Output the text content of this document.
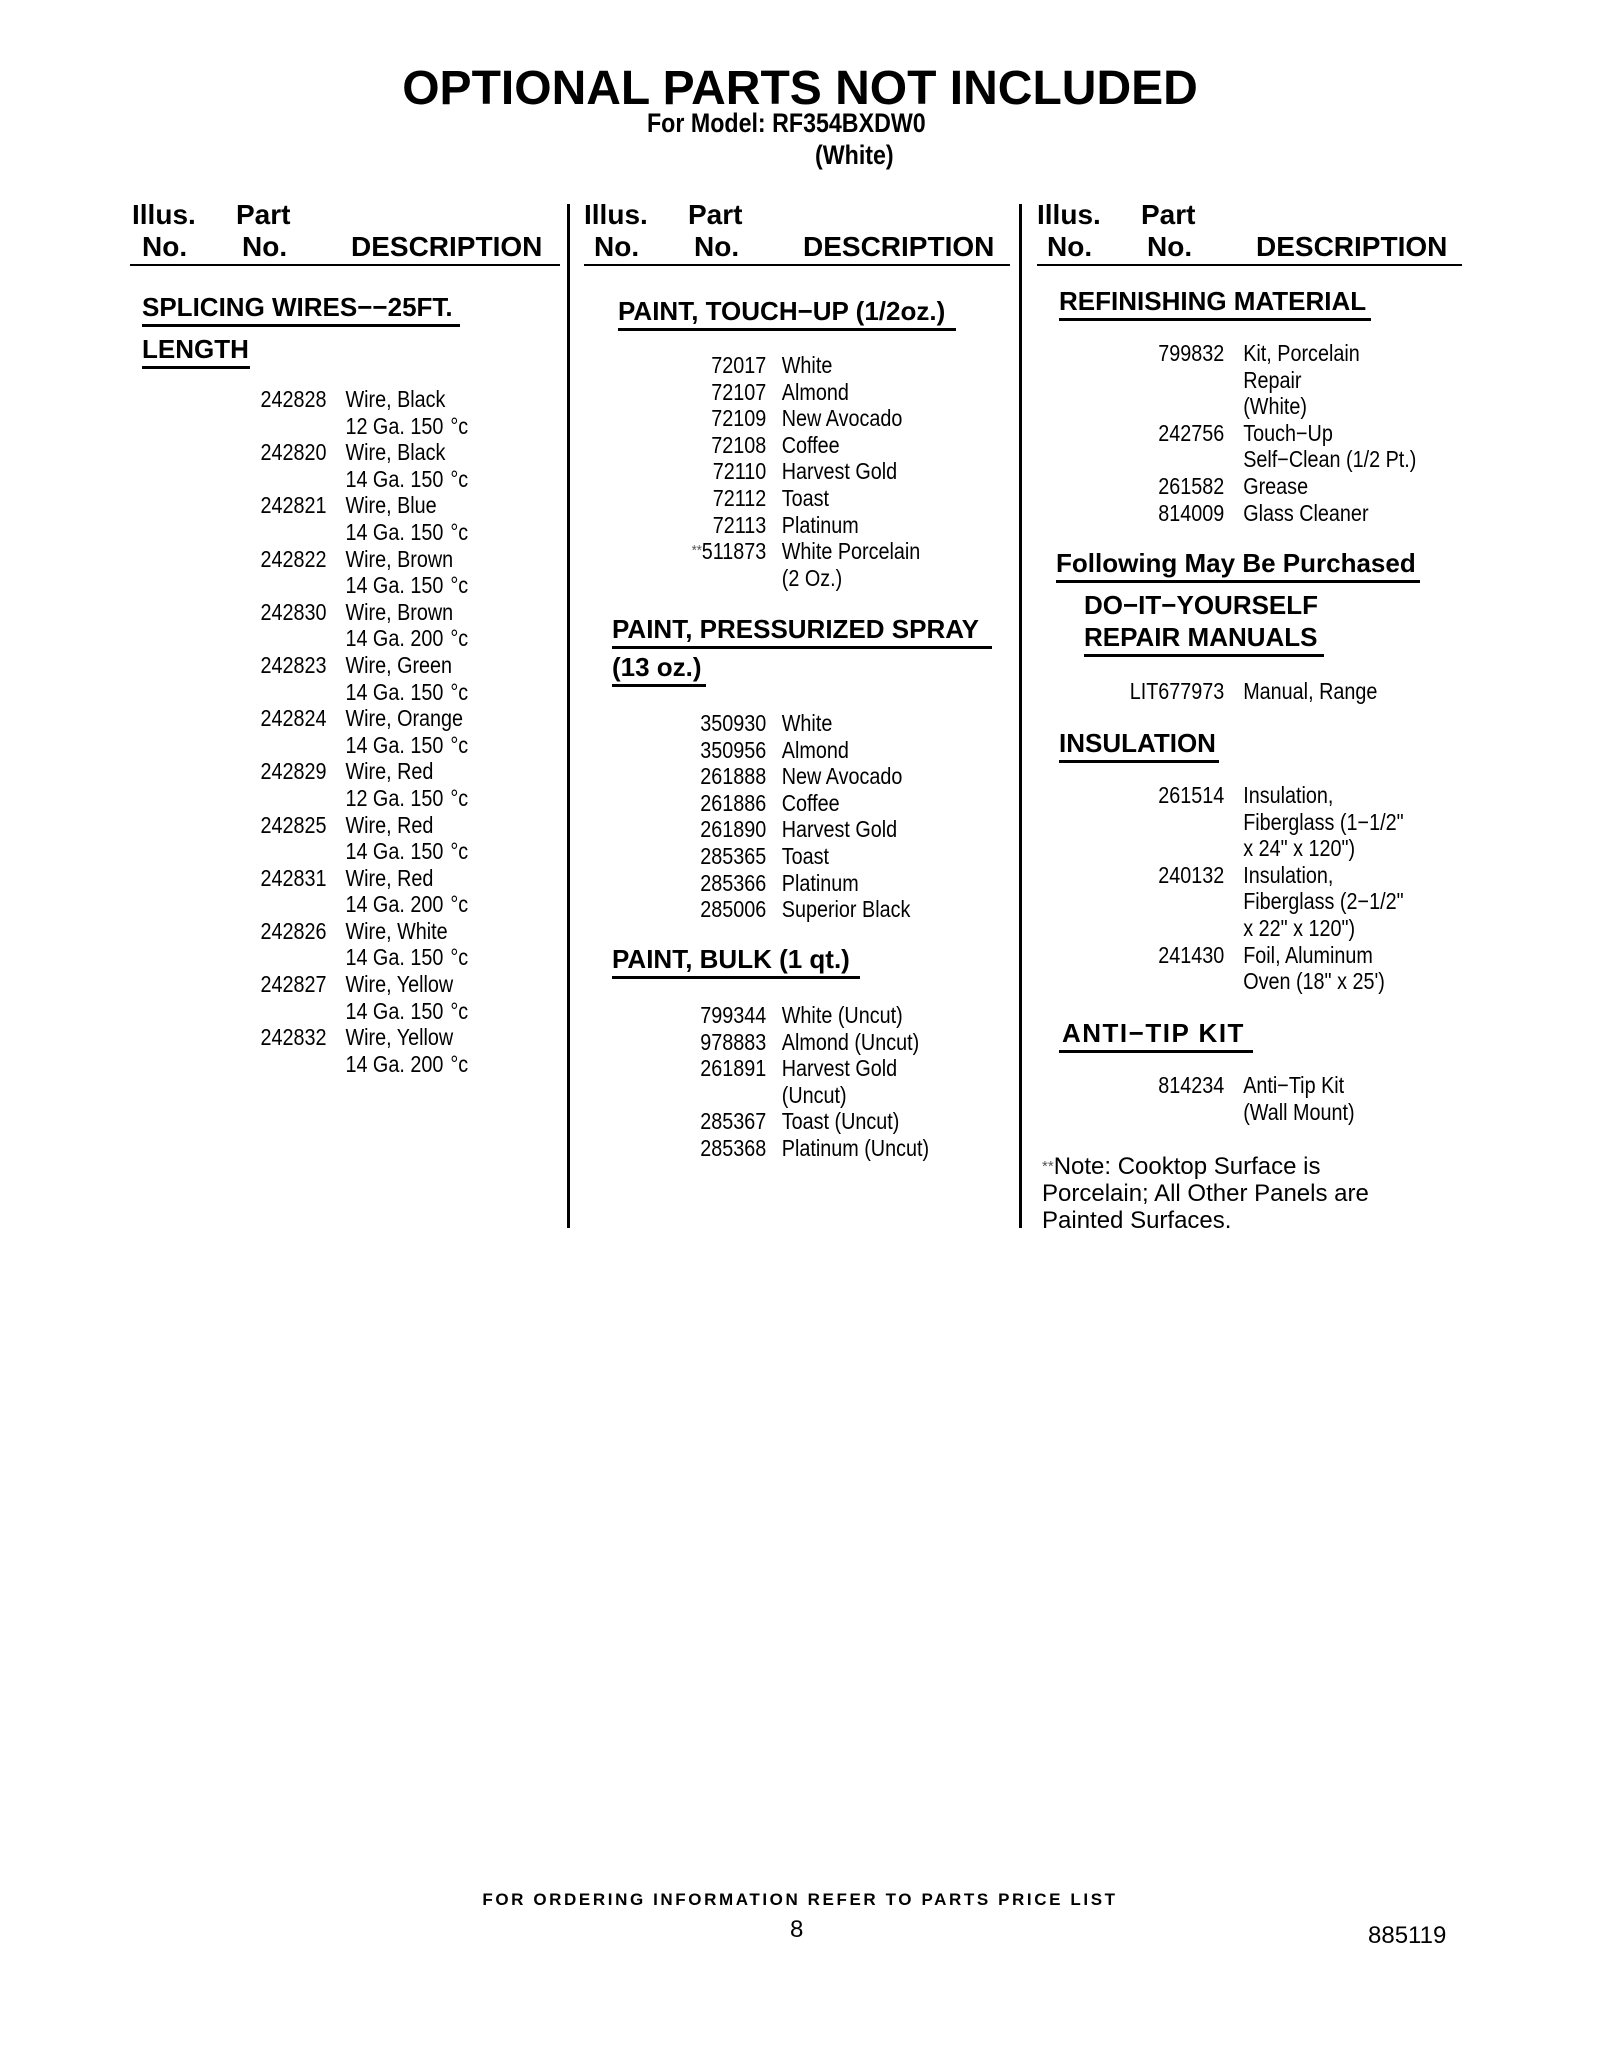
OPTIONAL PARTS NOT INCLUDED
For Model: RF354BXDW0
(White)
Illus. Part
No. No. DESCRIPTION
Illus. Part
No. No. DESCRIPTION
Illus. Part
No. No. DESCRIPTION
SPLICING WIRES−−25FT.
LENGTH
242828 Wire, Black
12 Ga. 150 °c
242820 Wire, Black
14 Ga. 150 °c
242821 Wire, Blue
14 Ga. 150 °c
242822 Wire, Brown
14 Ga. 150 °c
242830 Wire, Brown
14 Ga. 200 °c
242823 Wire, Green
14 Ga. 150 °c
242824 Wire, Orange
14 Ga. 150 °c
242829 Wire, Red
12 Ga. 150 °c
242825 Wire, Red
14 Ga. 150 °c
242831 Wire, Red
14 Ga. 200 °c
242826 Wire, White
14 Ga. 150 °c
242827 Wire, Yellow
14 Ga. 150 °c
242832 Wire, Yellow
14 Ga. 200 °c
PAINT, TOUCH−UP (1/2oz.)
72017 White
72107 Almond
72109 New Avocado
72108 Coffee
72110 Harvest Gold
72112 Toast
72113 Platinum
**511873 White Porcelain
(2 Oz.)
PAINT, PRESSURIZED SPRAY
(13 oz.)
350930 White
350956 Almond
261888 New Avocado
261886 Coffee
261890 Harvest Gold
285365 Toast
285366 Platinum
285006 Superior Black
PAINT, BULK (1 qt.)
799344 White (Uncut)
978883 Almond (Uncut)
261891 Harvest Gold
(Uncut)
285367 Toast (Uncut)
285368 Platinum (Uncut)
REFINISHING MATERIAL
799832 Kit, Porcelain
Repair
(White)
242756 Touch−Up
Self−Clean (1/2 Pt.)
261582 Grease
814009 Glass Cleaner
Following May Be Purchased
DO−IT−YOURSELF
REPAIR MANUALS
LIT677973 Manual, Range
INSULATION
261514 Insulation,
Fiberglass (1−1/2"
x 24" x 120")
240132 Insulation,
Fiberglass (2−1/2"
x 22" x 120")
241430 Foil, Aluminum
Oven (18" x 25')
ANTI−TIP KIT
814234 Anti−Tip Kit
(Wall Mount)
**Note: Cooktop Surface is
Porcelain; All Other Panels are
Painted Surfaces.
FOR ORDERING INFORMATION REFER TO PARTS PRICE LIST
8	885119
